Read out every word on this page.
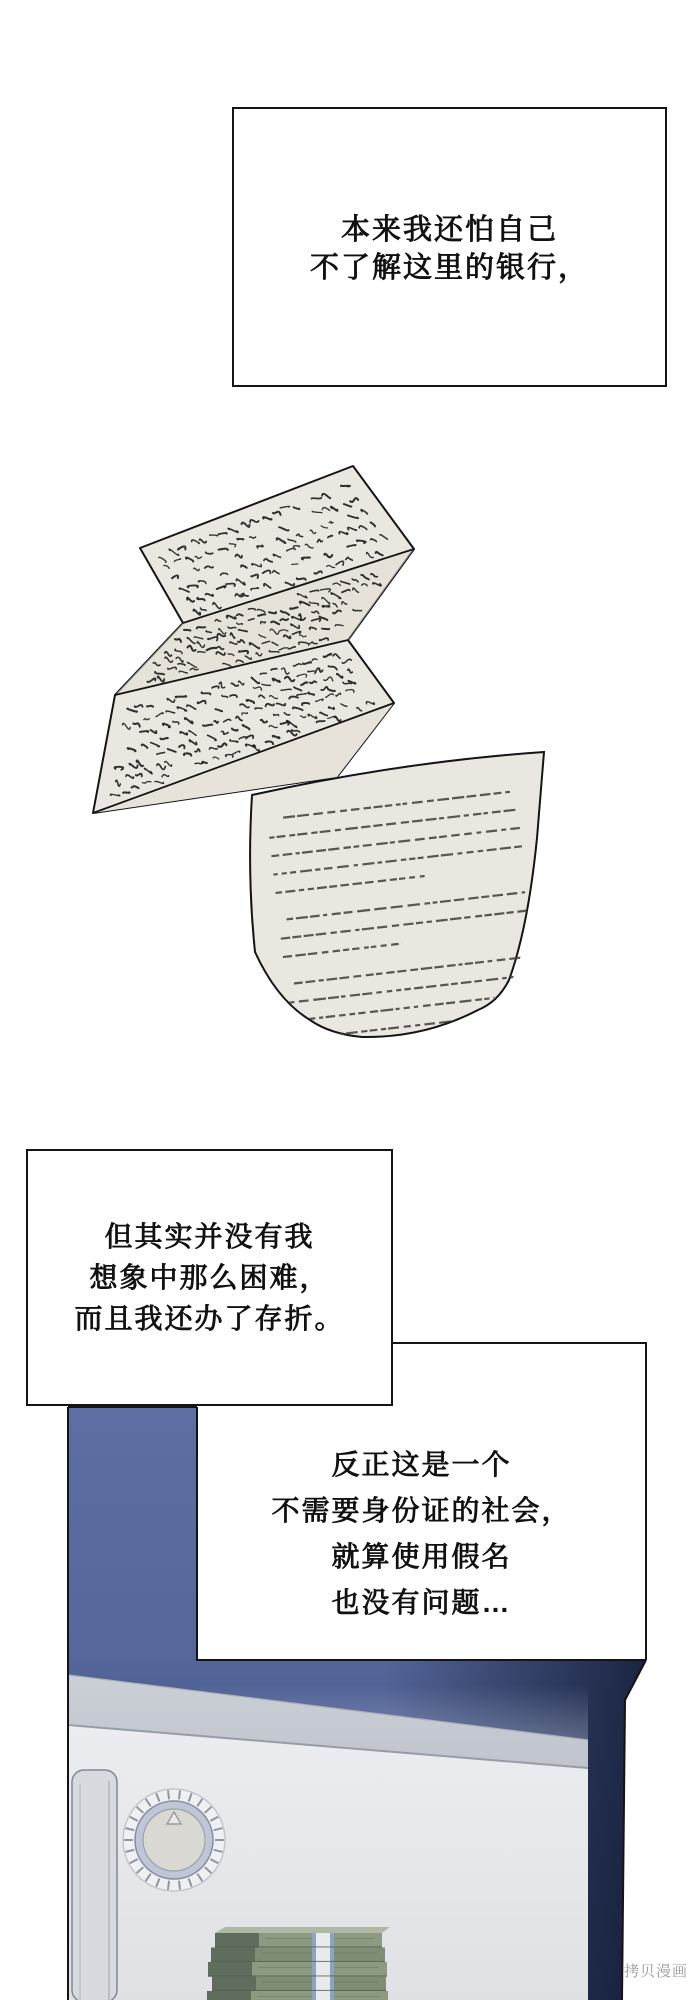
本来我还怕自己
不了解这里的银行，
但其实并没有我
想象中那么困难，
而且我还办了存折。
反正这是一个
不需要身份证的社会，
就算使用假名
也没有问题…
拷贝漫画
